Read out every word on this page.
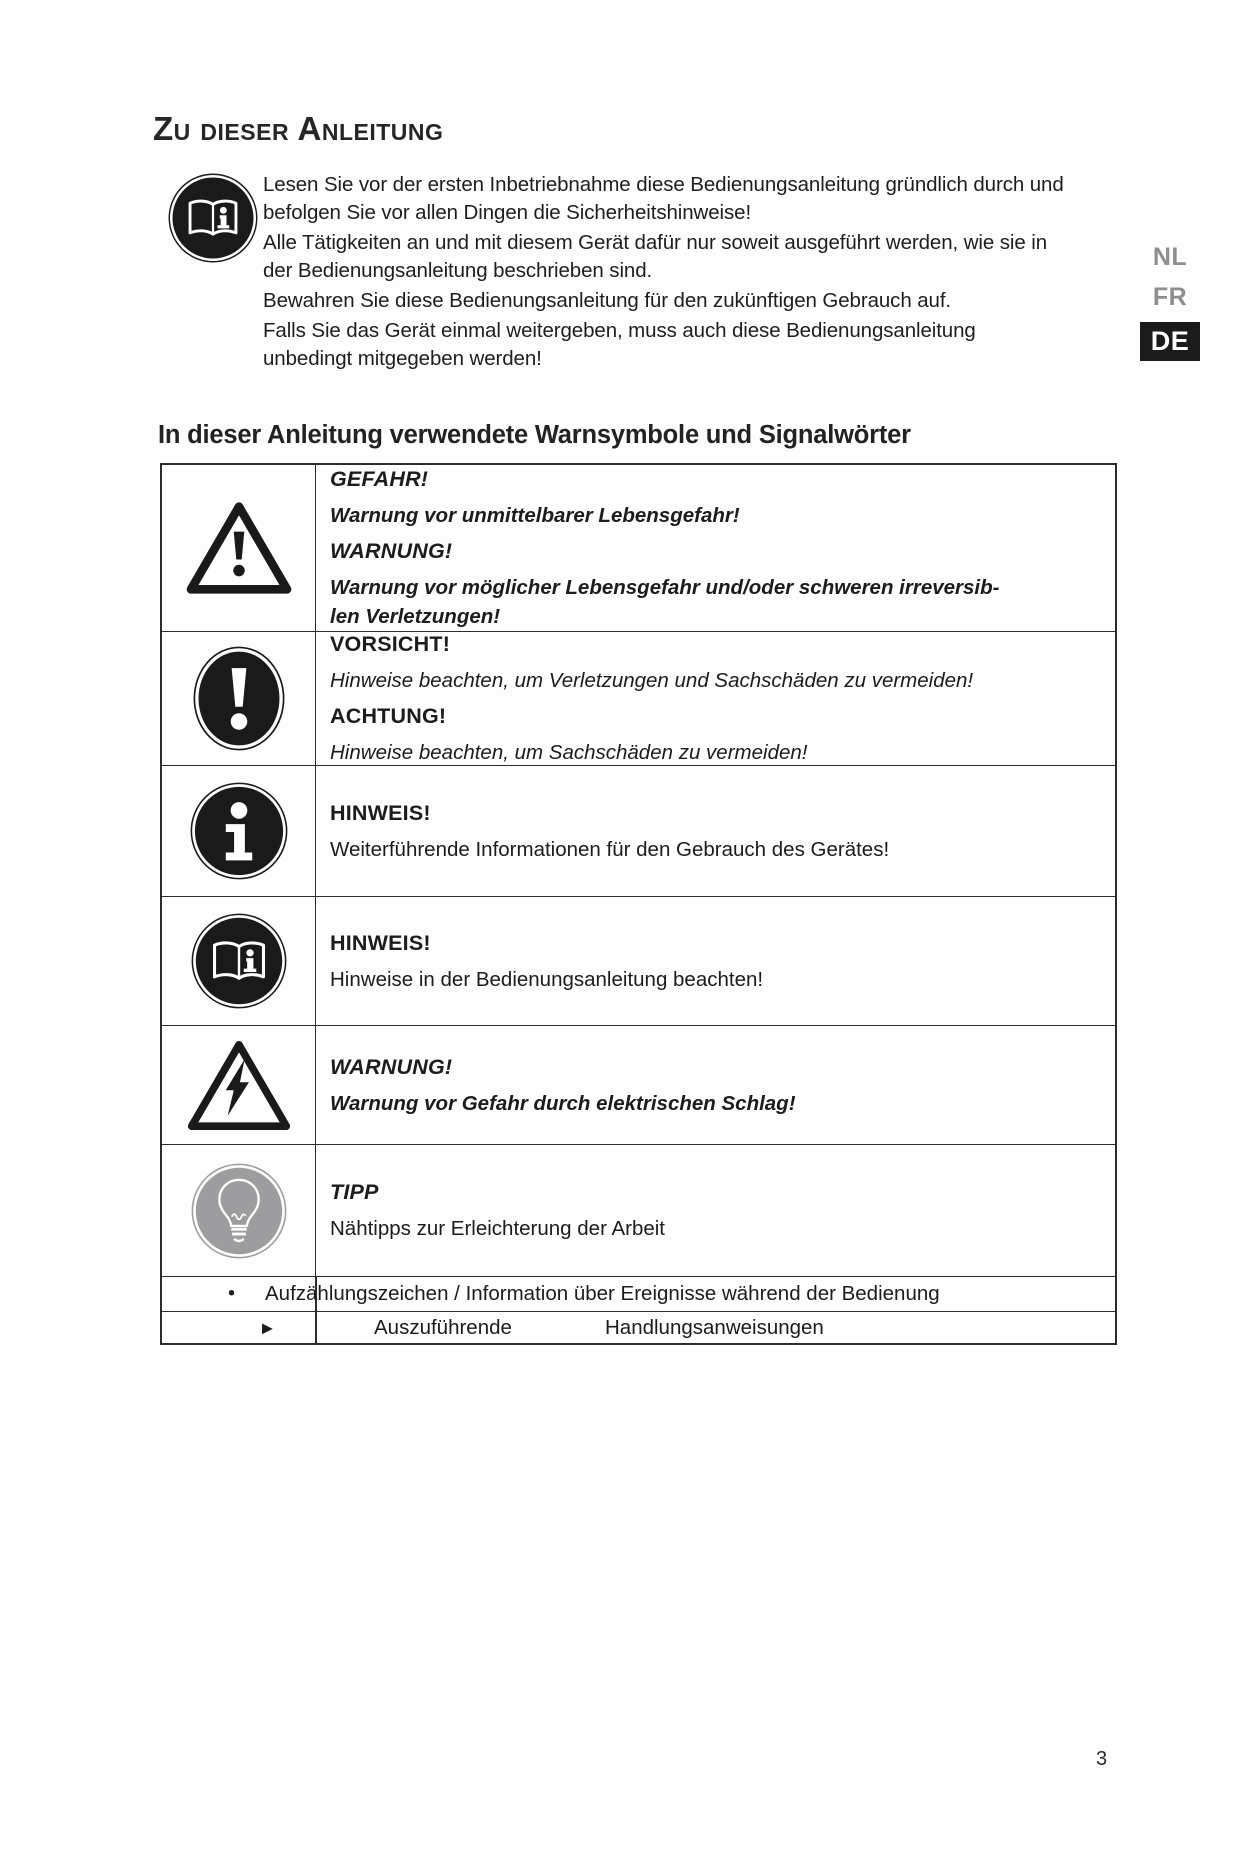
NL
FR
DE
Zu dieser Anleitung

Lesen Sie vor der ersten Inbetriebnahme diese Bedienungsanleitung gründlich durch und befolgen Sie vor allen Dingen die Sicherheitshinweise!

Alle Tätigkeiten an und mit diesem Gerät dafür nur soweit ausgeführt werden, wie sie in der Bedienungsanleitung beschrieben sind.

Bewahren Sie diese Bedienungsanleitung für den zukünftigen Gebrauch auf.

Falls Sie das Gerät einmal weitergeben, muss auch diese Bedienungsanleitung unbedingt mitgegeben werden!

In dieser Anleitung verwendete Warnsymbole und Signalwörter

GEFAHR!

Warnung vor unmittelbarer Lebensgefahr!

WARNUNG!

Warnung vor möglicher Lebensgefahr und/oder schweren irreversib-

len Verletzungen!

VORSICHT!

Hinweise beachten, um Verletzungen und Sachschäden zu vermeiden!

ACHTUNG!

Hinweise beachten, um Sachschäden zu vermeiden!

HINWEIS!

Weiterführende Informationen für den Gebrauch des Gerätes!

HINWEIS!

Hinweise in der Bedienungsanleitung beachten!

WARNUNG!

Warnung vor Gefahr durch elektrischen Schlag!

TIPP

Nähtipps zur Erleichterung der Arbeit

• Aufzählungszeichen / Information über Ereignisse während der Bedienung
▶	Auszuführende	Handlungsanweisungen
3
